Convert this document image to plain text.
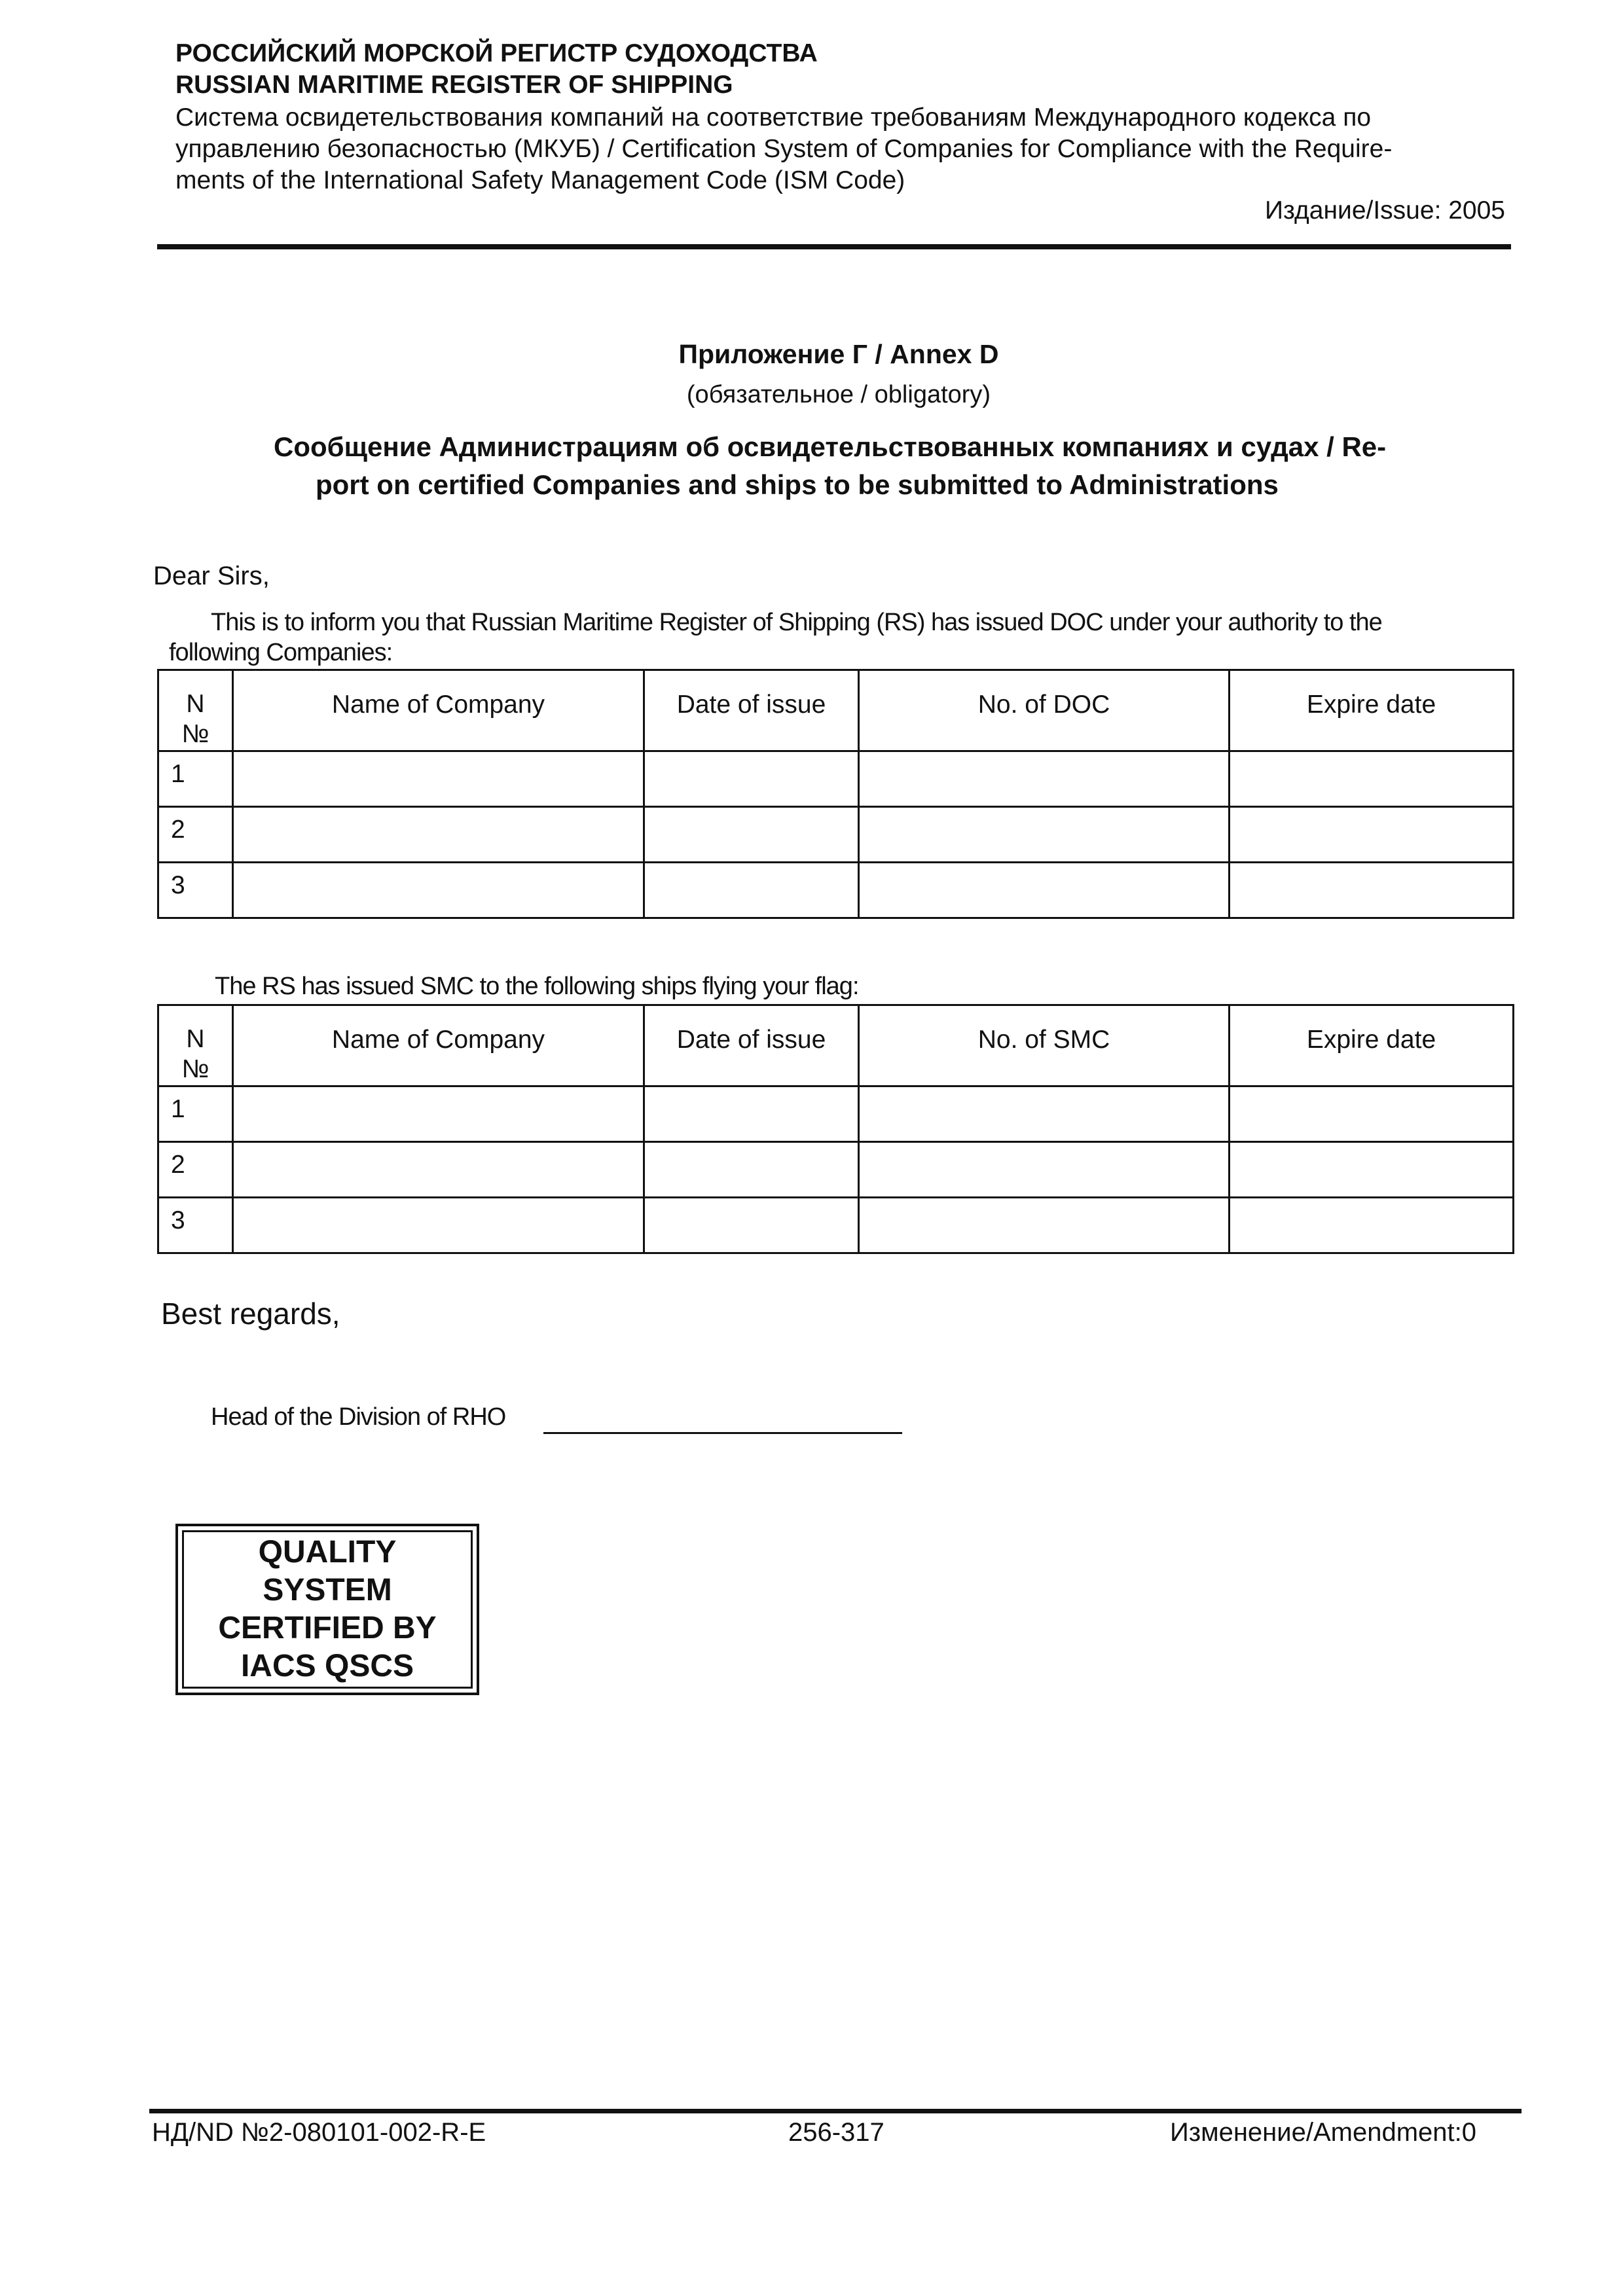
РОССИЙСКИЙ МОРСКОЙ РЕГИСТР СУДОХОДСТВА
RUSSIAN MARITIME REGISTER OF SHIPPING
Система освидетельствования компаний на соответствие требованиям Международного кодекса по
управлению безопасностью (МКУБ) / Certification System of Companies for Compliance with the Require-
ments of the International Safety Management Code (ISM Code)
Издание/Issue: 2005
Приложение Г / Annex D
(обязательное / obligatory)
Сообщение Администрациям об освидетельствованных компаниях и судах / Re-
port on certified Companies and ships to be submitted to Administrations
Dear Sirs,
This is to inform you that Russian Maritime Register of Shipping (RS) has issued DOC under your authority to the
following Companies:
N
№	Name of Company	Date of issue	No. of DOC	Expire date
1				
2				
3				
The RS has issued SMC to the following ships flying your flag:
N
№	Name of Company	Date of issue	No. of SMC	Expire date
1				
2				
3				
Best regards,
Head of the Division of RHO
QUALITY
SYSTEM
CERTIFIED BY
IACS QSCS
НД/ND №2-080101-002-R-E	256-317	Изменение/Amendment:0
